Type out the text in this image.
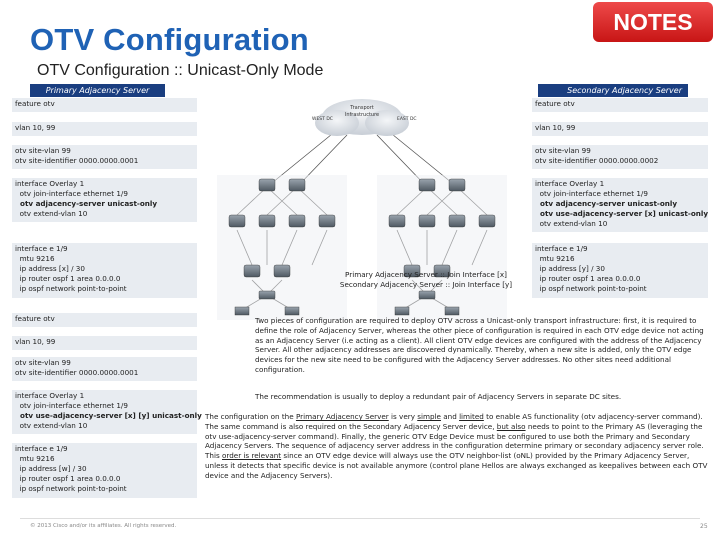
OTV Configuration
OTV Configuration :: Unicast-Only Mode
NOTES
Primary Adjacency Server	Secondary Adjacency Server
feature otv
vlan 10, 99
otv site-vlan 99
otv site-identifier 0000.0000.0001
interface Overlay 1
otv join-interface ethernet 1/9
otv adjacency-server unicast-only
otv extend-vlan 10
interface e 1/9
mtu 9216
ip address [x] / 30
ip router ospf 1 area 0.0.0.0
ip ospf network point-to-point
feature otv
vlan 10, 99
otv site-vlan 99
otv site-identifier 0000.0000.0002
interface Overlay 1
otv join-interface ethernet 1/9
otv adjacency-server unicast-only
otv use-adjacency-server [x] unicast-only
otv extend-vlan 10
interface e 1/9
mtu 9216
ip address [y] / 30
ip router ospf 1 area 0.0.0.0
ip ospf network point-to-point
feature otv
vlan 10, 99
otv site-vlan 99
otv site-identifier 0000.0000.0001
interface Overlay 1
otv join-interface ethernet 1/9
otv use-adjacency-server [x] [y] unicast-only
otv extend-vlan 10
interface e 1/9
mtu 9216
ip address [w] / 30
ip router ospf 1 area 0.0.0.0
ip ospf network point-to-point
Transport
Infrastructure
WEST DC	EAST DC
Primary Adjacency Server :: Join Interface [x]
Secondary Adjacency Server :: Join Interface [y]
Two pieces of configuration are required to deploy OTV across a Unicast-only transport infrastructure: first, it is required to define the role of Adjacency Server, whereas the other piece of configuration is required in each OTV edge device not acting as an Adjacency Server (i.e acting as a client). All client OTV edge devices are configured with the address of the Adjacency Server. All other adjacency addresses are discovered dynamically. Thereby, when a new site is added, only the OTV edge devices for the new site need to be configured with the Adjacency Server addresses. No other sites need additional configuration.
The recommendation is usually to deploy a redundant pair of Adjacency Servers in separate DC sites.
The configuration on the Primary Adjacency Server is very simple and limited to enable AS functionality (otv adjacency-server command). The same command is also required on the Secondary Adjacency Server device, but also needs to point to the Primary AS (leveraging the otv use-adjacency-server command). Finally, the generic OTV Edge Device must be configured to use both the Primary and Secondary Adjacency Servers. The sequence of adjacency server address in the configuration determine primary or secondary adjacency server role. This order is relevant since an OTV edge device will always use the OTV neighbor-list (oNL) provided by the Primary Adjacency Server, unless it detects that specific device is not available anymore (control plane Hellos are always exchanged as keepalives between each OTV device and the Adjacency Servers).
© 2013 Cisco and/or its affiliates. All rights reserved.	25
